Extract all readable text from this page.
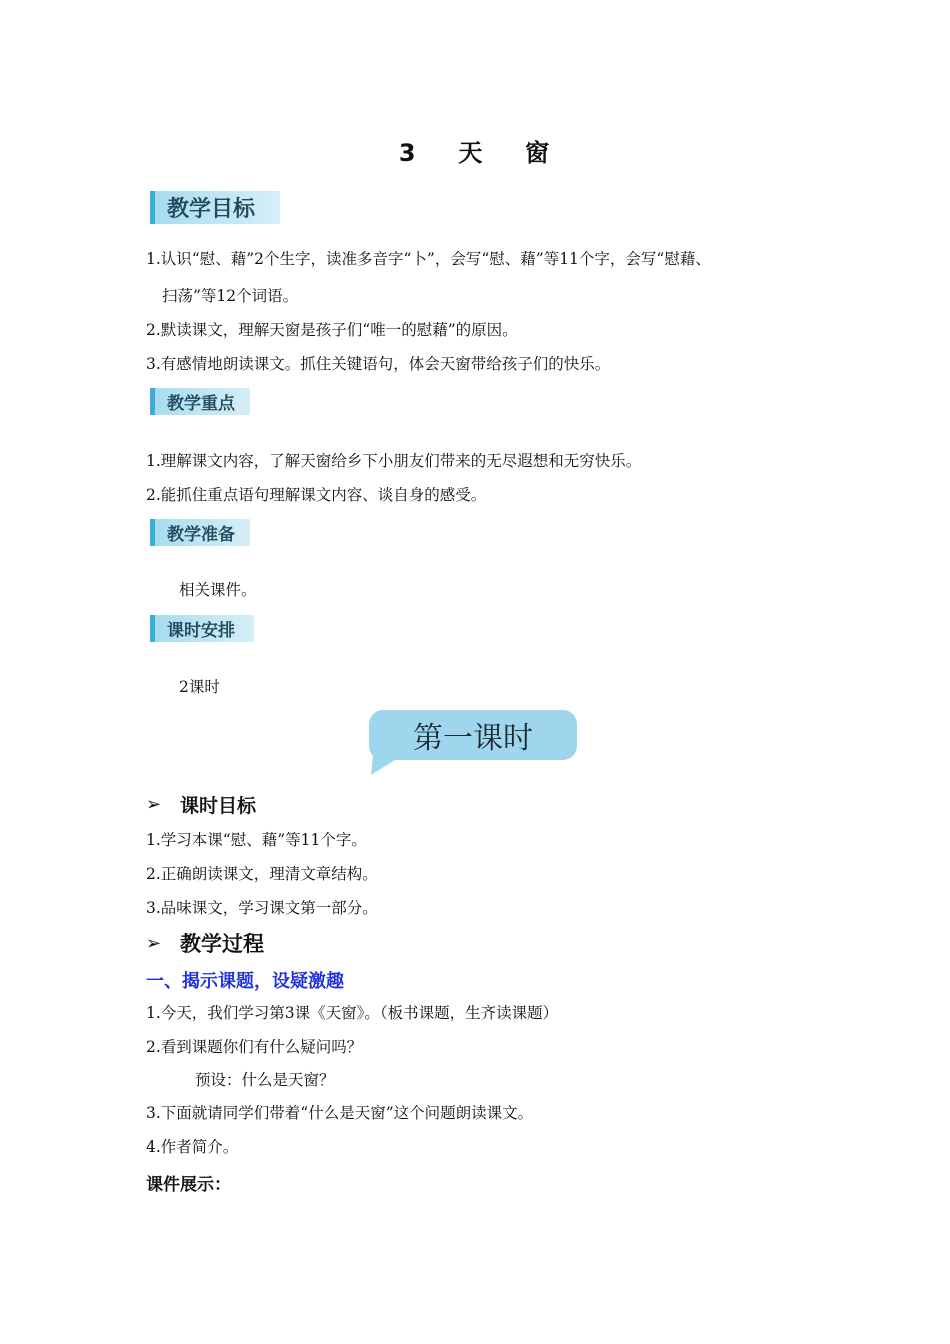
3 天 窗
教学目标
1.认识“慰、藉”2个生字，读准多音字“卜”，会写“慰、藉”等11个字，会写“慰藉、
扫荡”等12个词语。
2.默读课文，理解天窗是孩子们“唯一的慰藉”的原因。
3.有感情地朗读课文。抓住关键语句，体会天窗带给孩子们的快乐。
教学重点
1.理解课文内容，了解天窗给乡下小朋友们带来的无尽遐想和无穷快乐。
2.能抓住重点语句理解课文内容、谈自身的感受。
教学准备
相关课件。
课时安排
2课时
第一课时
➢ 课时目标
1.学习本课“慰、藉”等11个字。
2.正确朗读课文，理清文章结构。
3.品味课文，学习课文第一部分。
➢ 教学过程
一、揭示课题，设疑激趣
1.今天，我们学习第3课《天窗》。（板书课题，生齐读课题）
2.看到课题你们有什么疑问吗？
预设：什么是天窗？
3.下面就请同学们带着“什么是天窗”这个问题朗读课文。
4.作者简介。
课件展示：
